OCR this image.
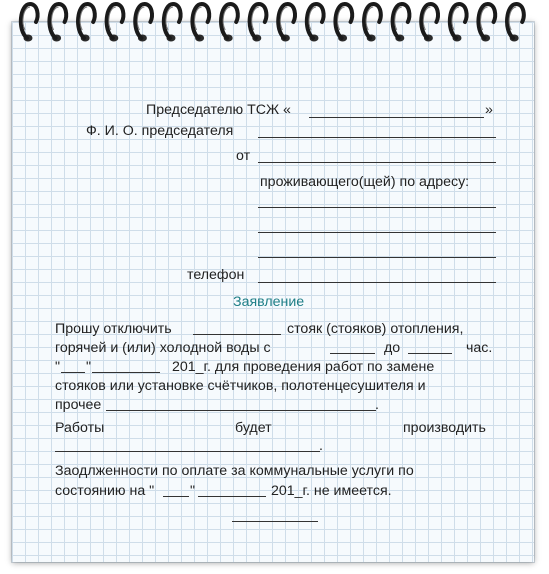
Председателю ТСЖ «	»
Ф. И. О. председателя
от
проживающего(щей) по адресу:
телефон
Заявление
Прошу отключить	стояк (стояков) отопления,
горячей и (или) холодной воды с	до	час.
" "	201_г. для проведения работ по замене
стояков или установке счётчиков, полотенцесушителя и
прочее	.
Работы	будет	производить
.
Заодлженности по оплате за коммунальные услуги по
состоянию на "	"	201_г. не имеется.
